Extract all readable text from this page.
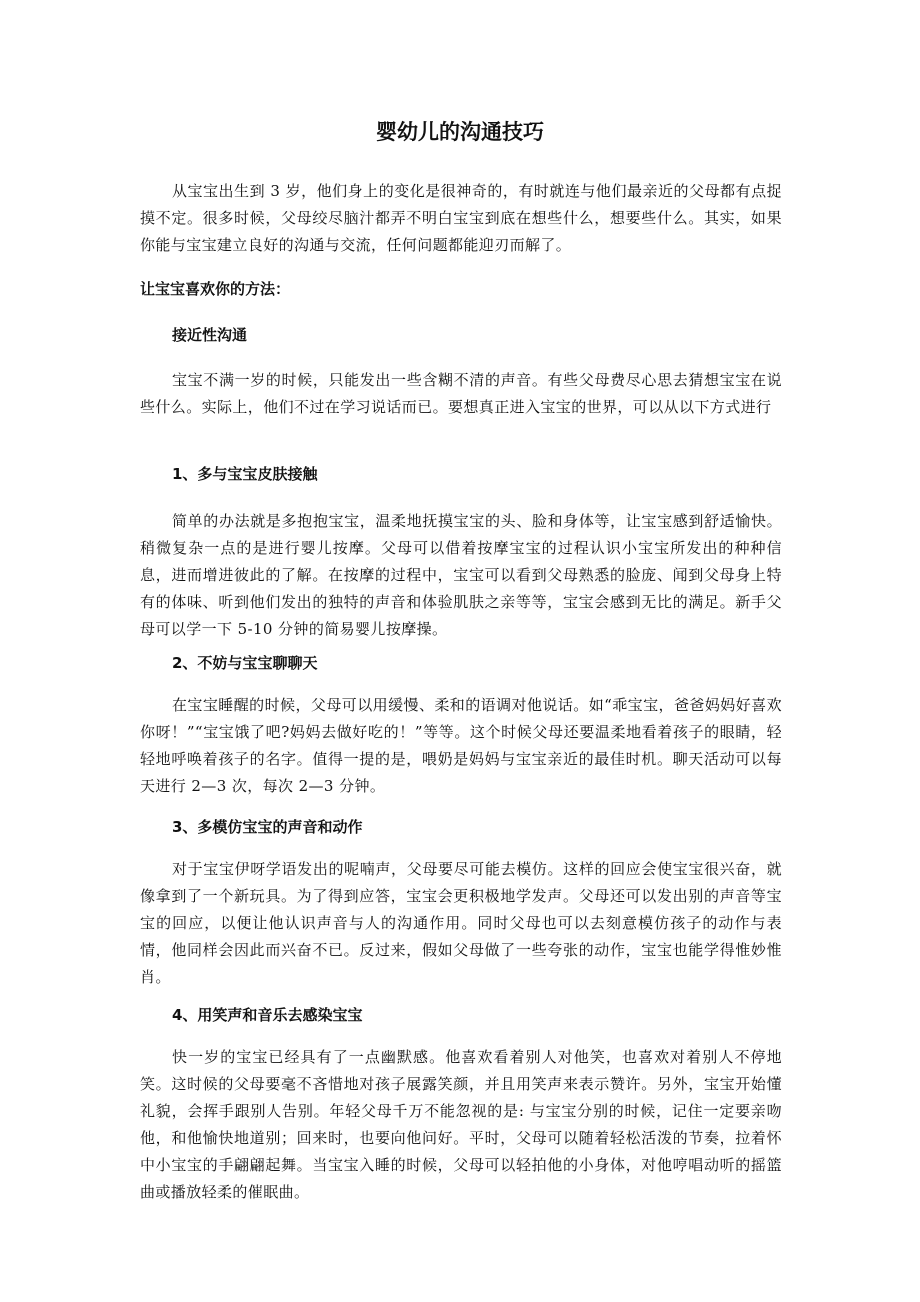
婴幼儿的沟通技巧

从宝宝出生到 3 岁，他们身上的变化是很神奇的，有时就连与他们最亲近的父母都有点捉摸不定。很多时候，父母绞尽脑汁都弄不明白宝宝到底在想些什么，想要些什么。其实，如果你能与宝宝建立良好的沟通与交流，任何问题都能迎刃而解了。

让宝宝喜欢你的方法：

接近性沟通

宝宝不满一岁的时候，只能发出一些含糊不清的声音。有些父母费尽心思去猜想宝宝在说些什么。实际上，他们不过在学习说话而已。要想真正进入宝宝的世界，可以从以下方式进行

1、多与宝宝皮肤接触

简单的办法就是多抱抱宝宝，温柔地抚摸宝宝的头、脸和身体等，让宝宝感到舒适愉快。稍微复杂一点的是进行婴儿按摩。父母可以借着按摩宝宝的过程认识小宝宝所发出的种种信息，进而增进彼此的了解。在按摩的过程中，宝宝可以看到父母熟悉的脸庞、闻到父母身上特有的体味、听到他们发出的独特的声音和体验肌肤之亲等等，宝宝会感到无比的满足。新手父母可以学一下 5-10 分钟的简易婴儿按摩操。

2、不妨与宝宝聊聊天

在宝宝睡醒的时候，父母可以用缓慢、柔和的语调对他说话。如“乖宝宝，爸爸妈妈好喜欢你呀！”“宝宝饿了吧?妈妈去做好吃的！”等等。这个时候父母还要温柔地看着孩子的眼睛，轻轻地呼唤着孩子的名字。值得一提的是，喂奶是妈妈与宝宝亲近的最佳时机。聊天活动可以每天进行 2—3 次，每次 2—3 分钟。

3、多模仿宝宝的声音和动作

对于宝宝伊呀学语发出的呢喃声，父母要尽可能去模仿。这样的回应会使宝宝很兴奋，就像拿到了一个新玩具。为了得到应答，宝宝会更积极地学发声。父母还可以发出别的声音等宝宝的回应，以便让他认识声音与人的沟通作用。同时父母也可以去刻意模仿孩子的动作与表情，他同样会因此而兴奋不已。反过来，假如父母做了一些夸张的动作，宝宝也能学得惟妙惟肖。

4、用笑声和音乐去感染宝宝

快一岁的宝宝已经具有了一点幽默感。他喜欢看着别人对他笑，也喜欢对着别人不停地笑。这时候的父母要毫不吝惜地对孩子展露笑颜，并且用笑声来表示赞许。另外，宝宝开始懂礼貌，会挥手跟别人告别。年轻父母千万不能忽视的是: 与宝宝分别的时候，记住一定要亲吻他，和他愉快地道别；回来时，也要向他问好。平时，父母可以随着轻松活泼的节奏，拉着怀中小宝宝的手翩翩起舞。当宝宝入睡的时候，父母可以轻拍他的小身体，对他哼唱动听的摇篮曲或播放轻柔的催眠曲。
